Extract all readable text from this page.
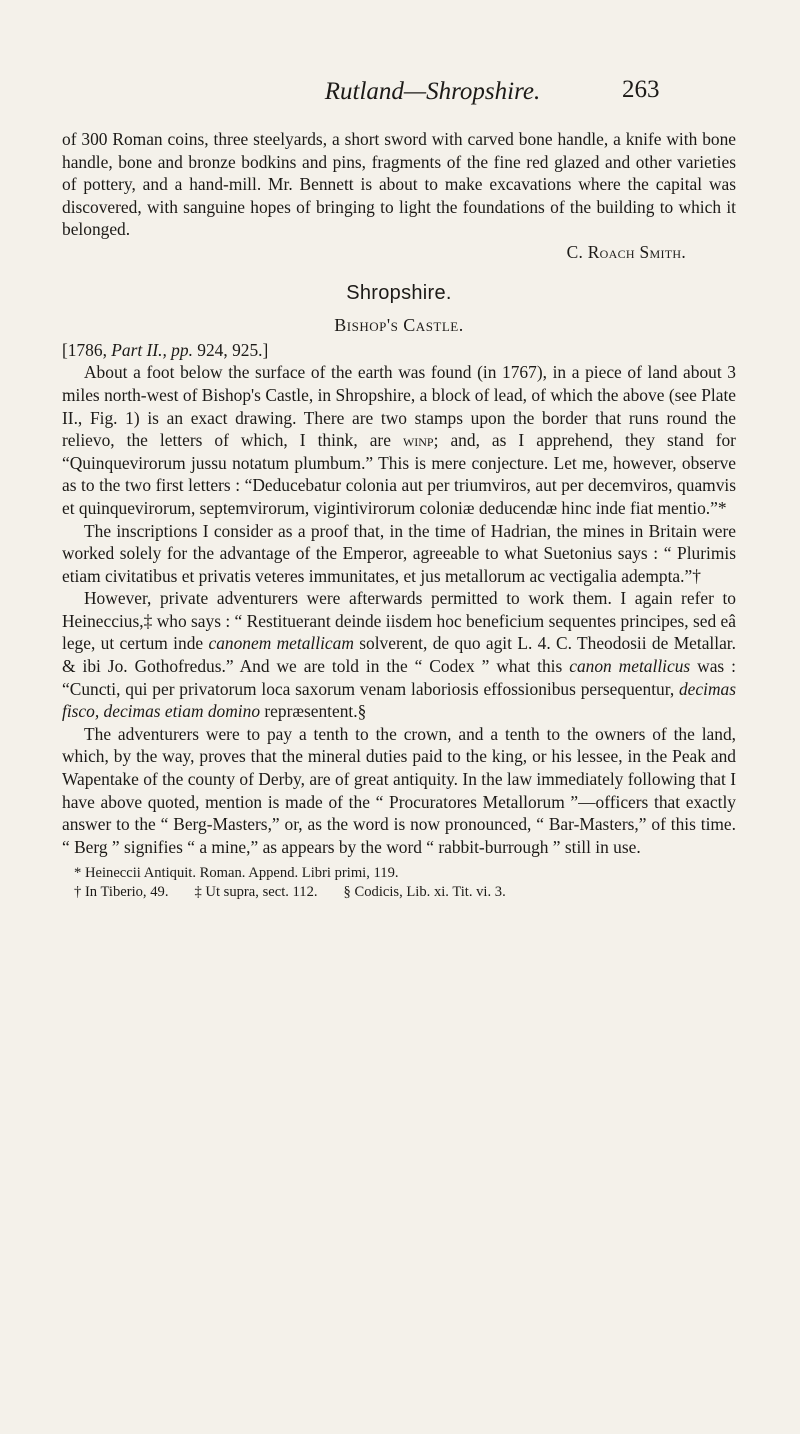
Rutland—Shropshire.	263

of 300 Roman coins, three steelyards, a short sword with carved bone handle, a knife with bone handle, bone and bronze bodkins and pins, fragments of the fine red glazed and other varieties of pottery, and a hand-mill. Mr. Bennett is about to make excavations where the capital was discovered, with sanguine hopes of bringing to light the foundations of the building to which it belonged.

C. Roach Smith.

Shropshire.
Bishop's Castle.

[1786, Part II., pp. 924, 925.]

About a foot below the surface of the earth was found (in 1767), in a piece of land about 3 miles north-west of Bishop's Castle, in Shropshire, a block of lead, of which the above (see Plate II., Fig. 1) is an exact drawing. There are two stamps upon the border that runs round the relievo, the letters of which, I think, are winp; and, as I apprehend, they stand for “Quinquevirorum jussu notatum plumbum.” This is mere conjecture. Let me, however, observe as to the two first letters : “Deducebatur colonia aut per triumviros, aut per decemviros, quamvis et quinquevirorum, septemvirorum, vigintivirorum coloniæ deducendæ hinc inde fiat mentio.”*

The inscriptions I consider as a proof that, in the time of Hadrian, the mines in Britain were worked solely for the advantage of the Emperor, agreeable to what Suetonius says : “ Plurimis etiam civitatibus et privatis veteres immunitates, et jus metallorum ac vectigalia adempta.”†

However, private adventurers were afterwards permitted to work them. I again refer to Heineccius,‡ who says : “ Restituerant deinde iisdem hoc beneficium sequentes principes, sed eâ lege, ut certum inde canonem metallicam solverent, de quo agit L. 4. C. Theodosii de Metallar. & ibi Jo. Gothofredus.” And we are told in the “ Codex ” what this canon metallicus was : “Cuncti, qui per privatorum loca saxorum venam laboriosis effossionibus persequentur, decimas fisco, decimas etiam domino repræsentent.§

The adventurers were to pay a tenth to the crown, and a tenth to the owners of the land, which, by the way, proves that the mineral duties paid to the king, or his lessee, in the Peak and Wapentake of the county of Derby, are of great antiquity. In the law immediately following that I have above quoted, mention is made of the “ Procuratores Metallorum ”—officers that exactly answer to the “ Berg-Masters,” or, as the word is now pronounced, “ Bar-Masters,” of this time. “ Berg ” signifies “ a mine,” as appears by the word “ rabbit-burrough ” still in use.

* Heineccii Antiquit. Roman. Append. Libri primi, 119.
† In Tiberio, 49. ‡ Ut supra, sect. 112. § Codicis, Lib. xi. Tit. vi. 3.
